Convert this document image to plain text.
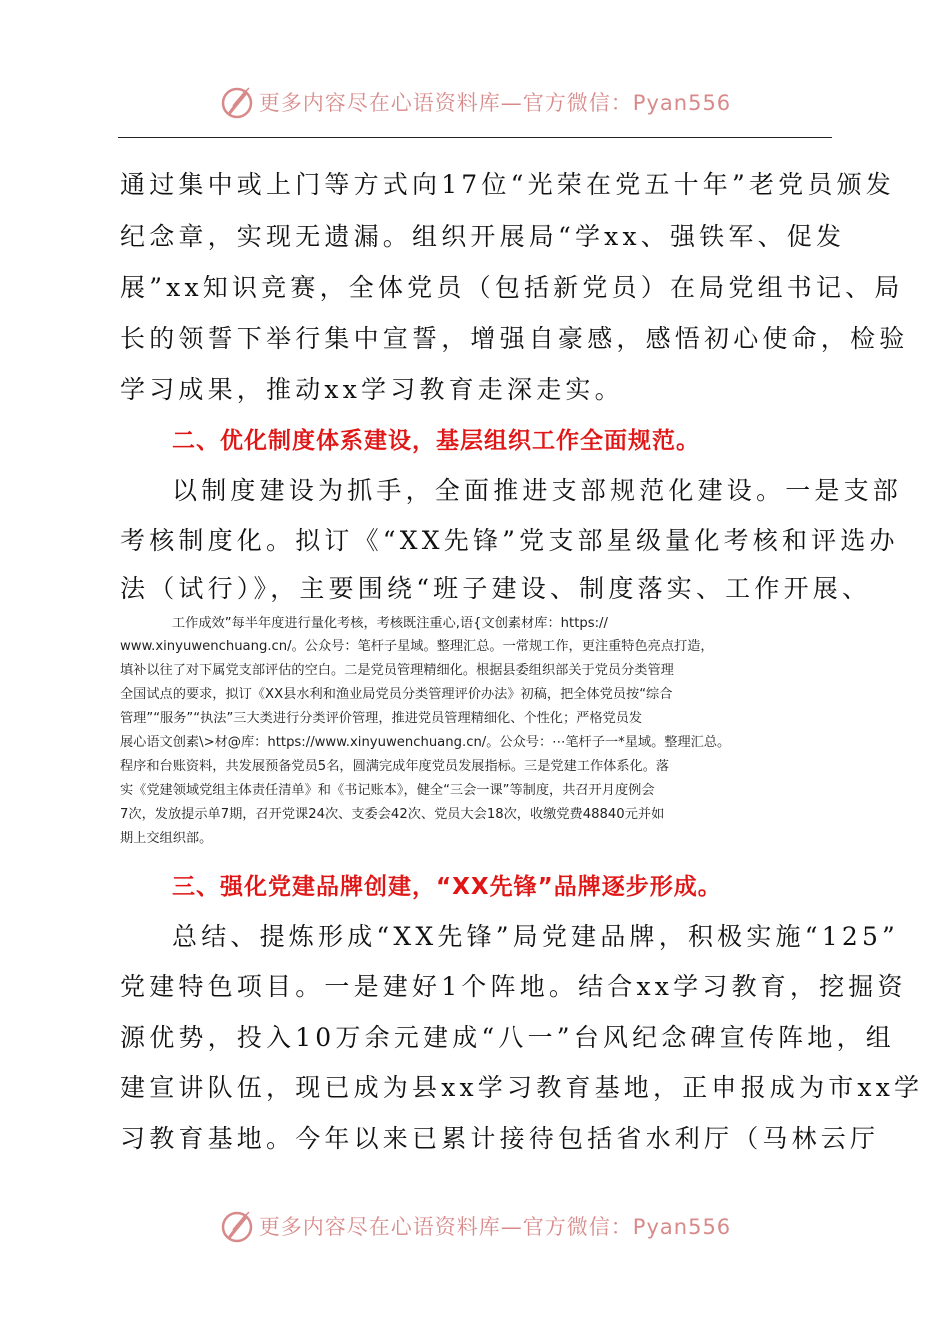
更多内容尽在心语资料库—官方微信：Pyan556
通过集中或上门等方式向17位“光荣在党五十年”老党员颁发
纪念章，实现无遗漏。组织开展局“学xx、强铁军、促发
展”xx知识竞赛，全体党员（包括新党员）在局党组书记、局
长的领誓下举行集中宣誓，增强自豪感，感悟初心使命，检验
学习成果，推动xx学习教育走深走实。
二、优化制度体系建设，基层组织工作全面规范。
以制度建设为抓手，全面推进支部规范化建设。一是支部
考核制度化。拟订《“XX先锋”党支部星级量化考核和评选办
法（试行）》，主要围绕“班子建设、制度落实、工作开展、
工作成效”每半年度进行量化考核，考核既注重心,语{文创素材库：https://
www.xinyuwenchuang.cn/。公众号：笔杆子星域。整理汇总。一常规工作，更注重特色亮点打造，
填补以往了对下属党支部评估的空白。二是党员管理精细化。根据县委组织部关于党员分类管理
全国试点的要求，拟订《XX县水利和渔业局党员分类管理评价办法》初稿，把全体党员按“综合
管理”“服务”“执法”三大类进行分类评价管理，推进党员管理精细化、个性化；严格党员发
展心语文创素\>材@库：https://www.xinyuwenchuang.cn/。公众号：⋯笔杆子一*星域。整理汇总。
程序和台账资料，共发展预备党员5名，圆满完成年度党员发展指标。三是党建工作体系化。落
实《党建领域党组主体责任清单》和《书记账本》，健全“三会一课”等制度，共召开月度例会
7次，发放提示单7期，召开党课24次、支委会42次、党员大会18次，收缴党费48840元并如
期上交组织部。
三、强化党建品牌创建，“XX先锋”品牌逐步形成。
总结、提炼形成“XX先锋”局党建品牌，积极实施“125”
党建特色项目。一是建好1个阵地。结合xx学习教育，挖掘资
源优势，投入10万余元建成“八一”台风纪念碑宣传阵地，组
建宣讲队伍，现已成为县xx学习教育基地，正申报成为市xx学
习教育基地。今年以来已累计接待包括省水利厅（马林云厅
更多内容尽在心语资料库—官方微信：Pyan556
